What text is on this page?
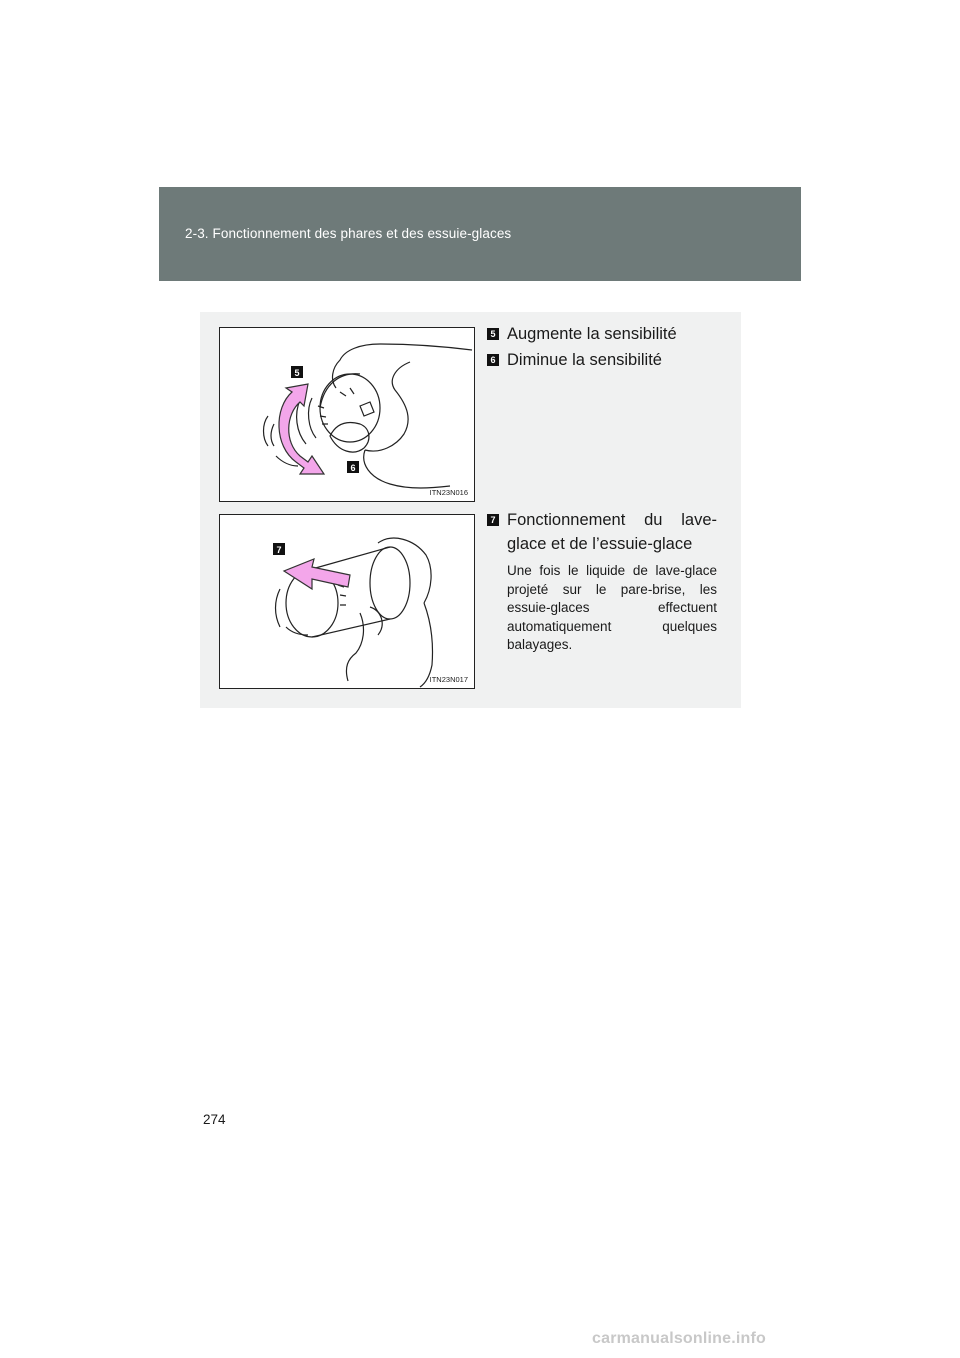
2-3. Fonctionnement des phares et des essuie-glaces
5
6
ITN23N016
7
ITN23N017
5 Augmente la sensibilité
6 Diminue la sensibilité
7 Fonctionnement du lave-glace et de l’essuie-glace

Une fois le liquide de lave-glace projeté sur le pare-brise, les essuie-glaces effectuent automatiquement quelques balayages.

274
carmanualsonline.info
